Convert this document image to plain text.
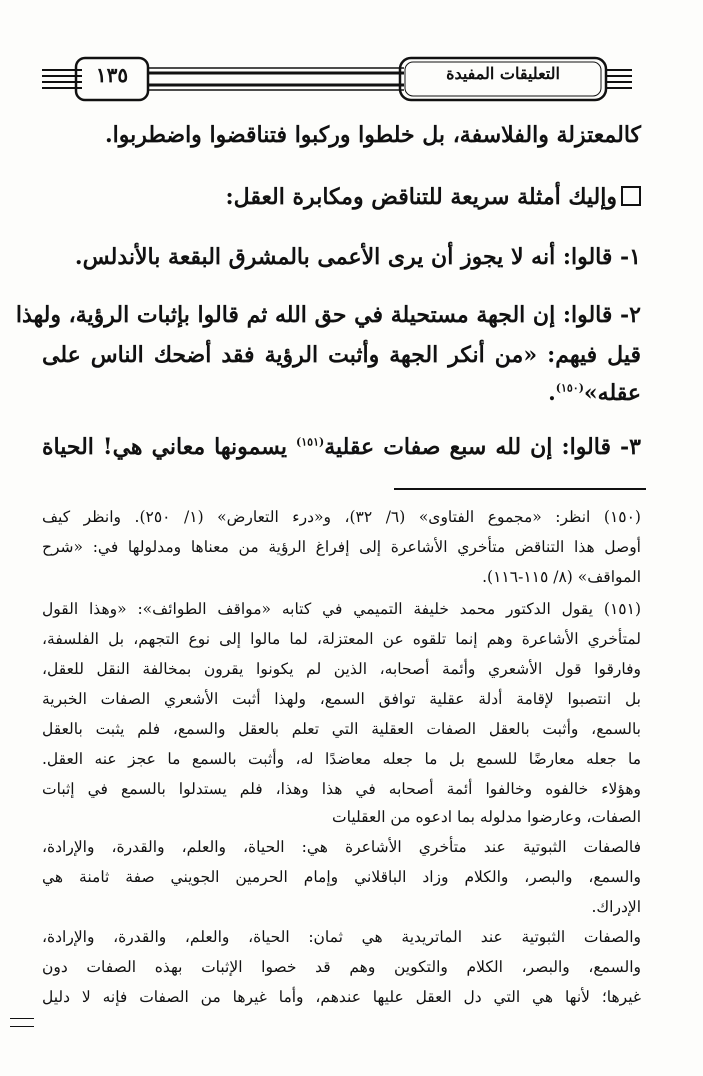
١٣٥	التعليقات المفيدة
كالمعتزلة والفلاسفة، بل خلطوا وركبوا فتناقضوا واضطربوا.
وإليك أمثلة سريعة للتناقض ومكابرة العقل:
١- قالوا: أنه لا يجوز أن يرى الأعمى بالمشرق البقعة بالأندلس.
٢- قالوا: إن الجهة مستحيلة في حق الله ثم قالوا بإثبات الرؤية، ولهذا
قيل فيهم: «من أنكر الجهة وأثبت الرؤية فقد أضحك الناس على
عقله»$^{(١٥٠)}$.
٣- قالوا: إن لله سبع صفات عقلية$^{(١٥١)}$ يسمونها معاني هي! الحياة
(١٥٠) انظر: «مجموع الفتاوى» (٦/ ٣٢)، و«درء التعارض» (١/ ٢٥٠). وانظر كيف
أوصل هذا التناقض متأخري الأشاعرة إلى إفراغ الرؤية من معناها ومدلولها في: «شرح
المواقف» (٨/ ١١٥-١١٦).
(١٥١) يقول الدكتور محمد خليفة التميمي في كتابه «مواقف الطوائف»: «وهذا القول
لمتأخري الأشاعرة وهم إنما تلقوه عن المعتزلة، لما مالوا إلى نوع التجهم، بل الفلسفة،
وفارقوا قول الأشعري وأئمة أصحابه، الذين لم يكونوا يقرون بمخالفة النقل للعقل،
بل انتصبوا لإقامة أدلة عقلية توافق السمع، ولهذا أثبت الأشعري الصفات الخبرية
بالسمع، وأثبت بالعقل الصفات العقلية التي تعلم بالعقل والسمع، فلم يثبت بالعقل
ما جعله معارضًا للسمع بل ما جعله معاضدًا له، وأثبت بالسمع ما عجز عنه العقل.
وهؤلاء خالفوه وخالفوا أئمة أصحابه في هذا وهذا، فلم يستدلوا بالسمع في إثبات
الصفات، وعارضوا مدلوله بما ادعوه من العقليات
فالصفات الثبوتية عند متأخري الأشاعرة هي: الحياة، والعلم، والقدرة، والإرادة،
والسمع، والبصر، والكلام وزاد الباقلاني وإمام الحرمين الجويني صفة ثامنة هي
الإدراك.
والصفات الثبوتية عند الماتريدية هي ثمان: الحياة، والعلم، والقدرة، والإرادة،
والسمع، والبصر، الكلام والتكوين وهم قد خصوا الإثبات بهذه الصفات دون
غيرها؛ لأنها هي التي دل العقل عليها عندهم، وأما غيرها من الصفات فإنه لا دليل
